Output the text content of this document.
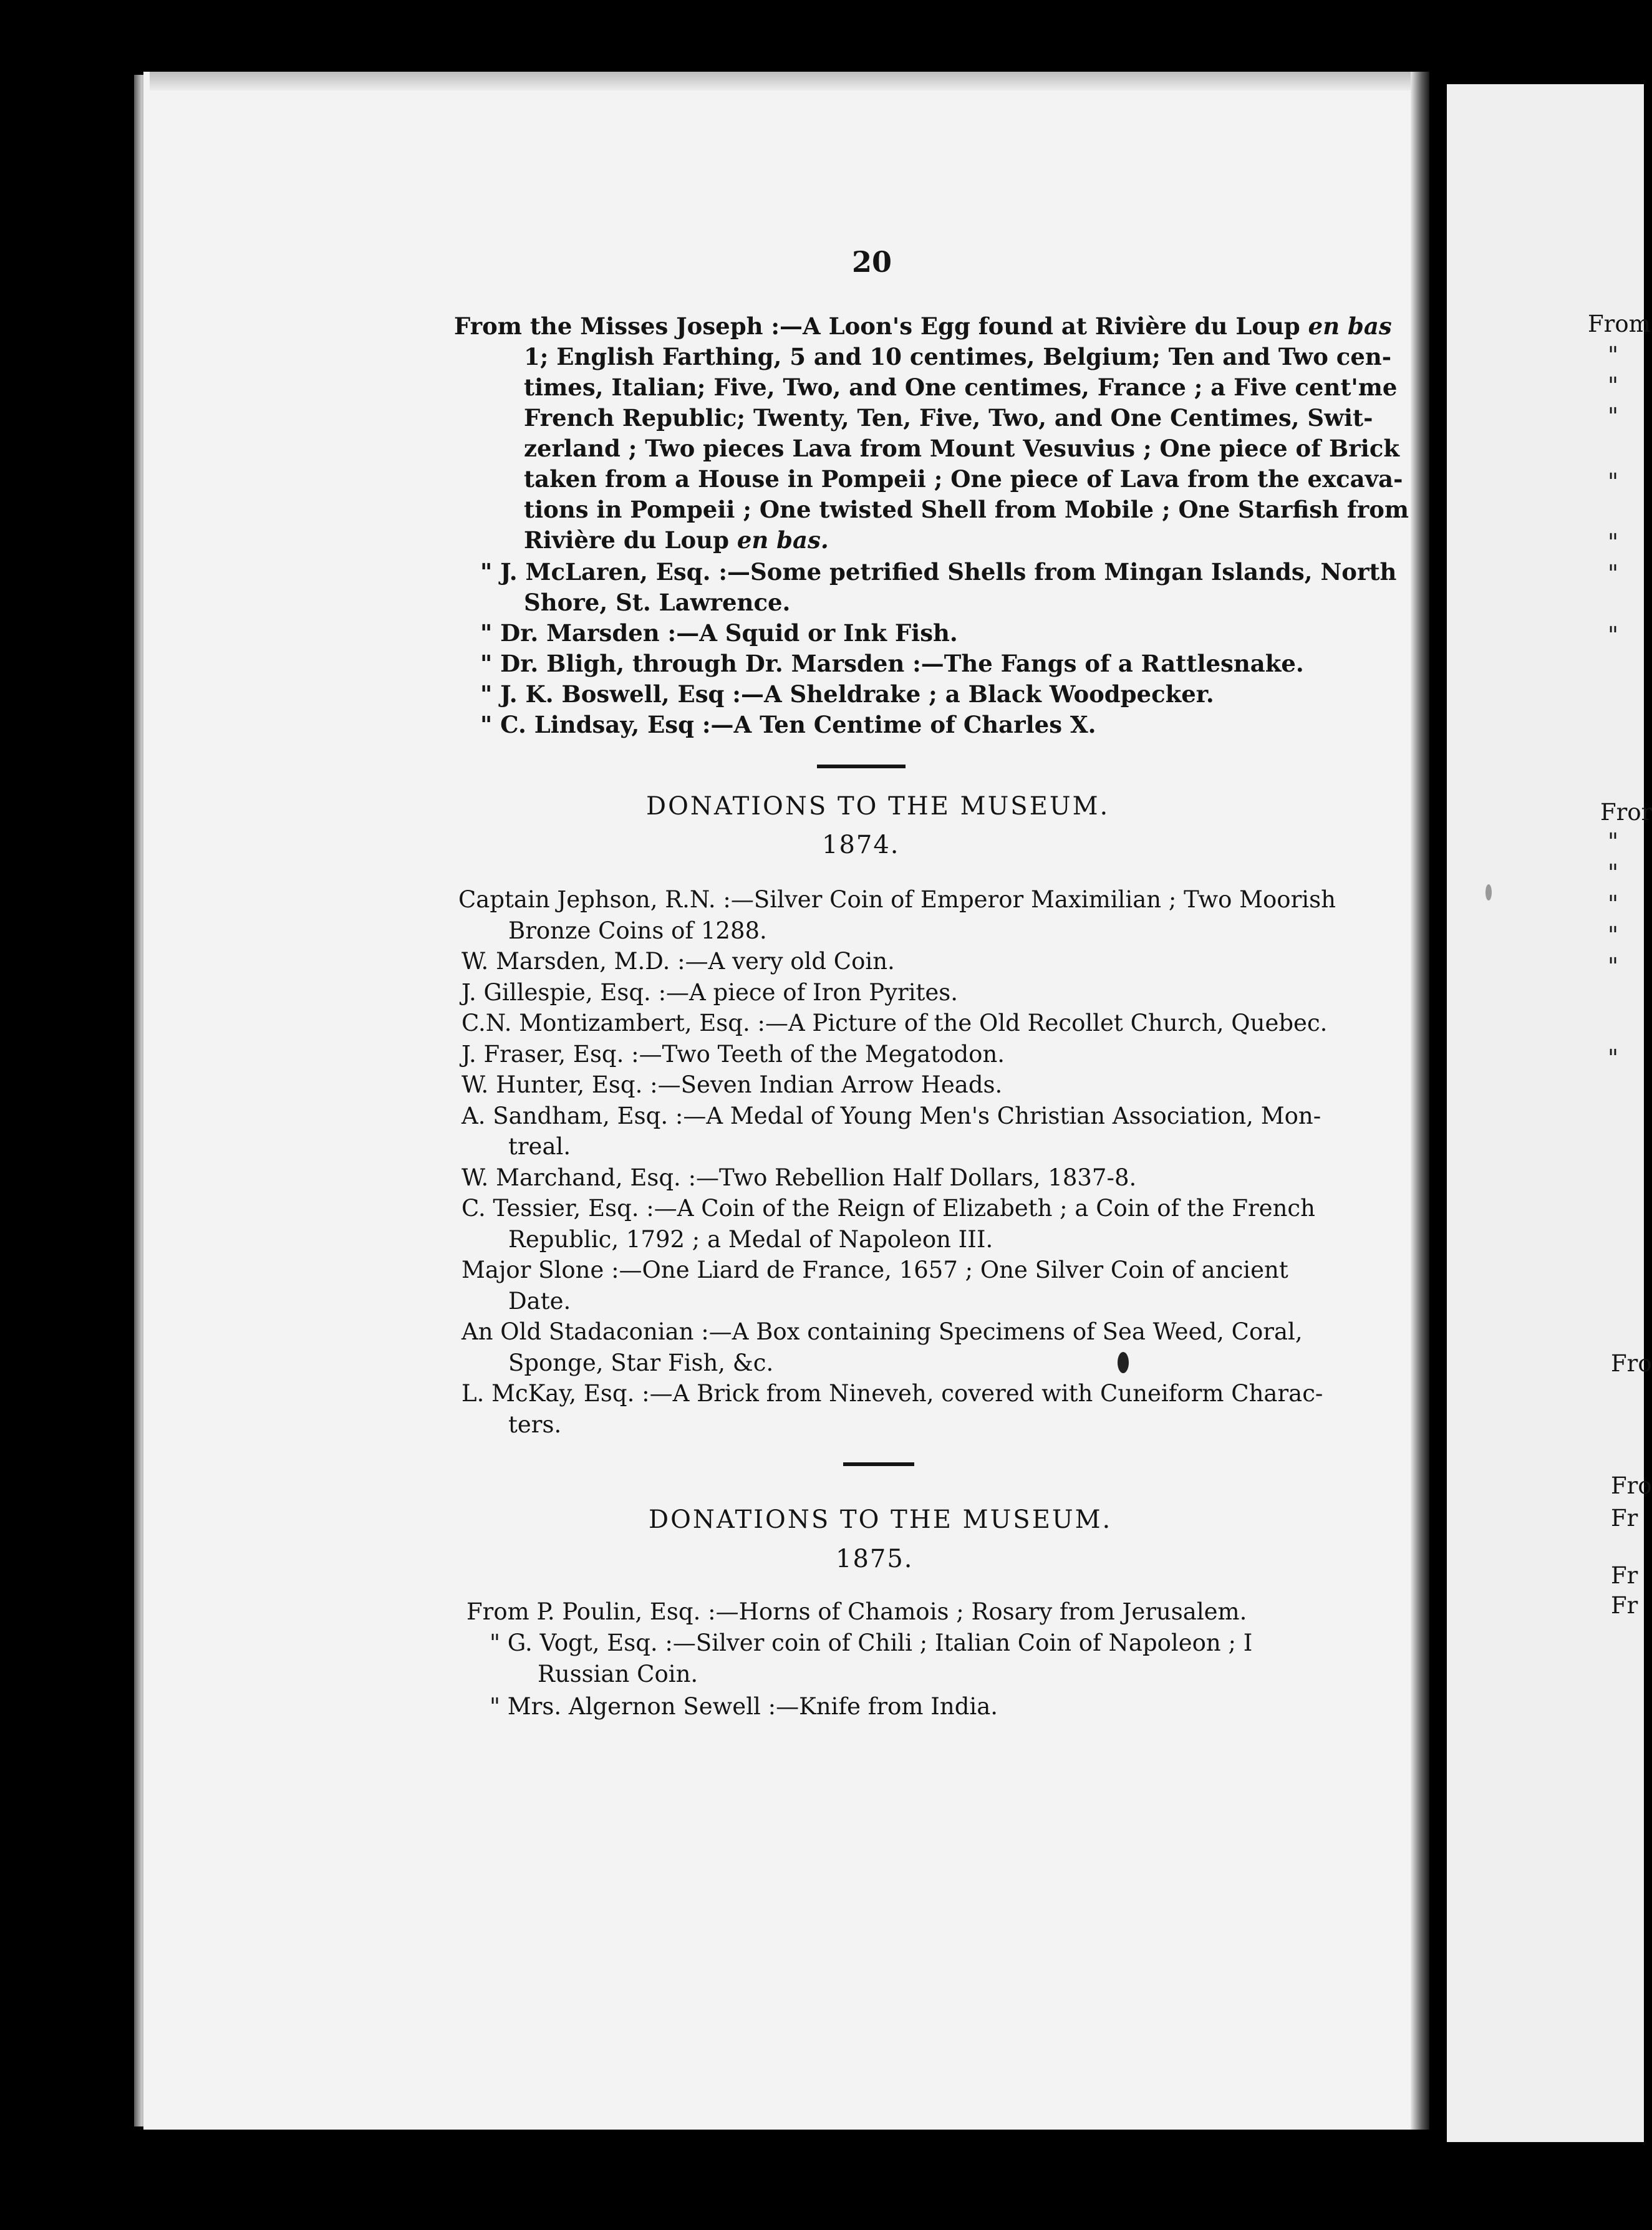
20
From the Misses Joseph :—A Loon's Egg found at Rivière du Loup en bas
1; English Farthing, 5 and 10 centimes, Belgium; Ten and Two cen-
times, Italian; Five, Two, and One centimes, France ; a Five cent'me
French Republic; Twenty, Ten, Five, Two, and One Centimes, Swit-
zerland ; Two pieces Lava from Mount Vesuvius ; One piece of Brick
taken from a House in Pompeii ; One piece of Lava from the excava-
tions in Pompeii ; One twisted Shell from Mobile ; One Starfish from
Rivière du Loup en bas.
" J. McLaren, Esq. :—Some petrified Shells from Mingan Islands, North
Shore, St. Lawrence.
" Dr. Marsden :—A Squid or Ink Fish.
" Dr. Bligh, through Dr. Marsden :—The Fangs of a Rattlesnake.
" J. K. Boswell, Esq :—A Sheldrake ; a Black Woodpecker.
" C. Lindsay, Esq :—A Ten Centime of Charles X.
DONATIONS TO THE MUSEUM.
1874.
Captain Jephson, R.N. :—Silver Coin of Emperor Maximilian ; Two Moorish
Bronze Coins of 1288.
W. Marsden, M.D. :—A very old Coin.
J. Gillespie, Esq. :—A piece of Iron Pyrites.
C.N. Montizambert, Esq. :—A Picture of the Old Recollet Church, Quebec.
J. Fraser, Esq. :—Two Teeth of the Megatodon.
W. Hunter, Esq. :—Seven Indian Arrow Heads.
A. Sandham, Esq. :—A Medal of Young Men's Christian Association, Mon-
treal.
W. Marchand, Esq. :—Two Rebellion Half Dollars, 1837-8.
C. Tessier, Esq. :—A Coin of the Reign of Elizabeth ; a Coin of the French
Republic, 1792 ; a Medal of Napoleon III.
Major Slone :—One Liard de France, 1657 ; One Silver Coin of ancient
Date.
An Old Stadaconian :—A Box containing Specimens of Sea Weed, Coral,
Sponge, Star Fish, &c.
L. McKay, Esq. :—A Brick from Nineveh, covered with Cuneiform Charac-
ters.
DONATIONS TO THE MUSEUM.
1875.
From P. Poulin, Esq. :—Horns of Chamois ; Rosary from Jerusalem.
" G. Vogt, Esq. :—Silver coin of Chili ; Italian Coin of Napoleon ; I
Russian Coin.
" Mrs. Algernon Sewell :—Knife from India.
From
"
"
"
"
"
"
"
Fror
"
"
"
"
"
"
Fro
Fro
Fr
Fr
Fr
